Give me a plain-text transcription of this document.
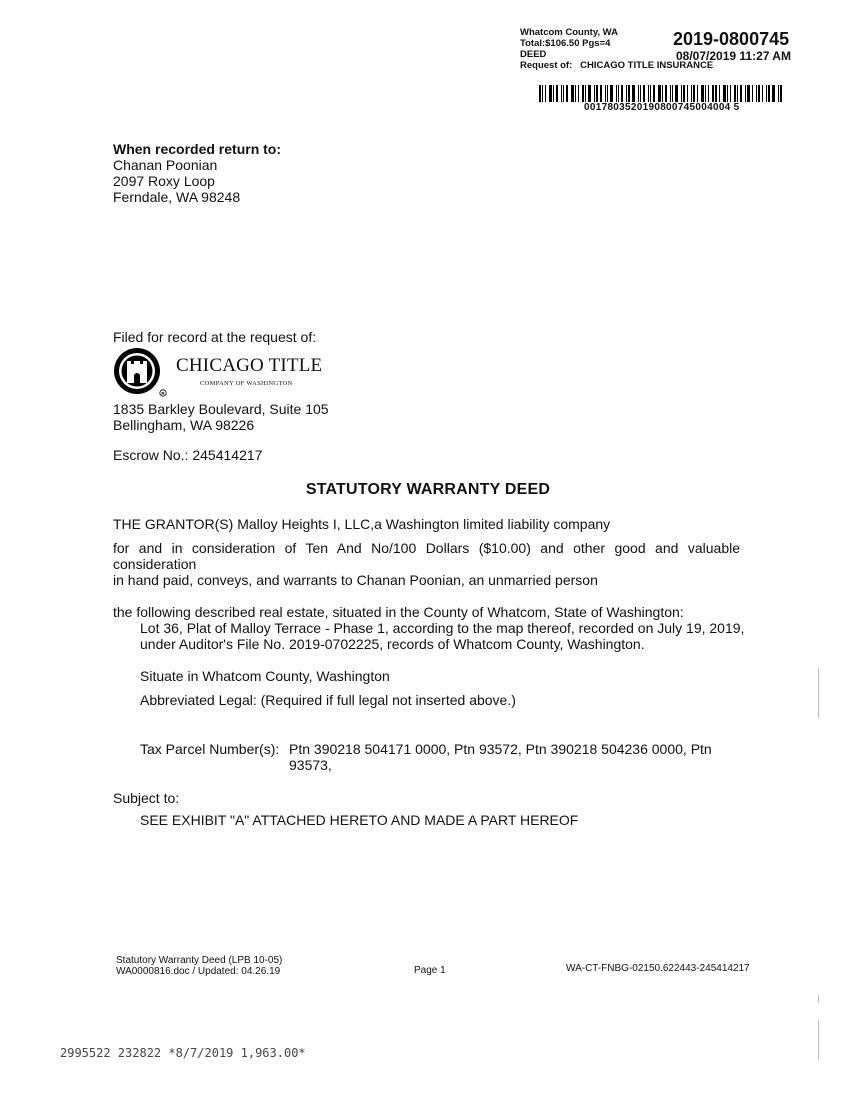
Whatcom County, WA
Total:$106.50 Pgs=4
DEED
Request of: CHICAGO TITLE INSURANCE
2019-0800745
08/07/2019 11:27 AM
0017803520190800745004004 5
When recorded return to:
Chanan Poonian
2097 Roxy Loop
Ferndale, WA 98248
Filed for record at the request of:
R
CHICAGO TITLE
COMPANY OF WASHINGTON
1835 Barkley Boulevard, Suite 105
Bellingham, WA 98226
Escrow No.: 245414217
STATUTORY WARRANTY DEED
THE GRANTOR(S) Malloy Heights I, LLC,a Washington limited liability company
for and in consideration of Ten And No/100 Dollars ($10.00) and other good and valuable
consideration
in hand paid, conveys, and warrants to Chanan Poonian, an unmarried person
the following described real estate, situated in the County of Whatcom, State of Washington:
Lot 36, Plat of Malloy Terrace - Phase 1, according to the map thereof, recorded on July 19, 2019,
under Auditor's File No. 2019-0702225, records of Whatcom County, Washington.
Situate in Whatcom County, Washington
Abbreviated Legal: (Required if full legal not inserted above.)
Tax Parcel Number(s): Ptn 390218 504171 0000, Ptn 93572, Ptn 390218 504236 0000, Ptn
93573,
Subject to:
SEE EXHIBIT "A" ATTACHED HERETO AND MADE A PART HEREOF
Statutory Warranty Deed (LPB 10-05)
WA0000816.doc / Updated: 04.26.19	Page 1	WA-CT-FNBG-02150.622443-245414217
2995522 232822 *8/7/2019 1,963.00*
